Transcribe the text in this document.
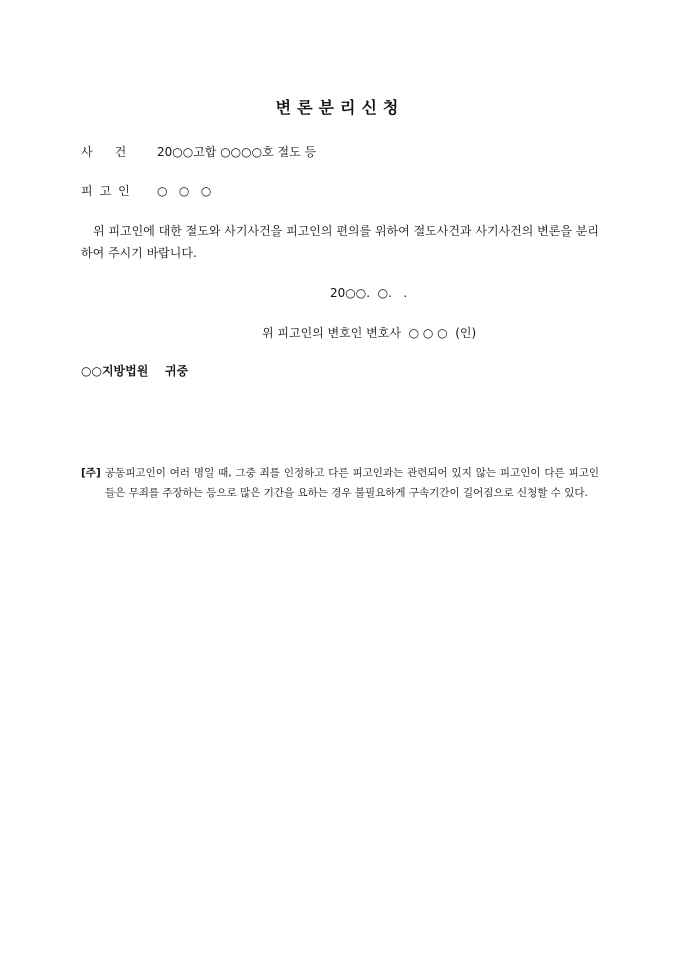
변론분리신청
사건 20○○고합 ○○○○호 절도 등
피고인 ○   ○   ○
위 피고인에 대한 절도와 사기사건을 피고인의 편의를 위하여 절도사건과 사기사건의 변론을 분리하여 주시기 바랍니다.
20○○.  ○.   .
위 피고인의 변호인 변호사  ○ ○ ○  (인)
○○지방법원    귀중
[주] 공동피고인이 여러 명일 때, 그중 죄를 인정하고 다른 피고인과는 관련되어 있지 않는 피고인이 다른 피고인들은 무죄를 주장하는 등으로 많은 기간을 요하는 경우 불필요하게 구속기간이 길어짐으로 신청할 수 있다.
